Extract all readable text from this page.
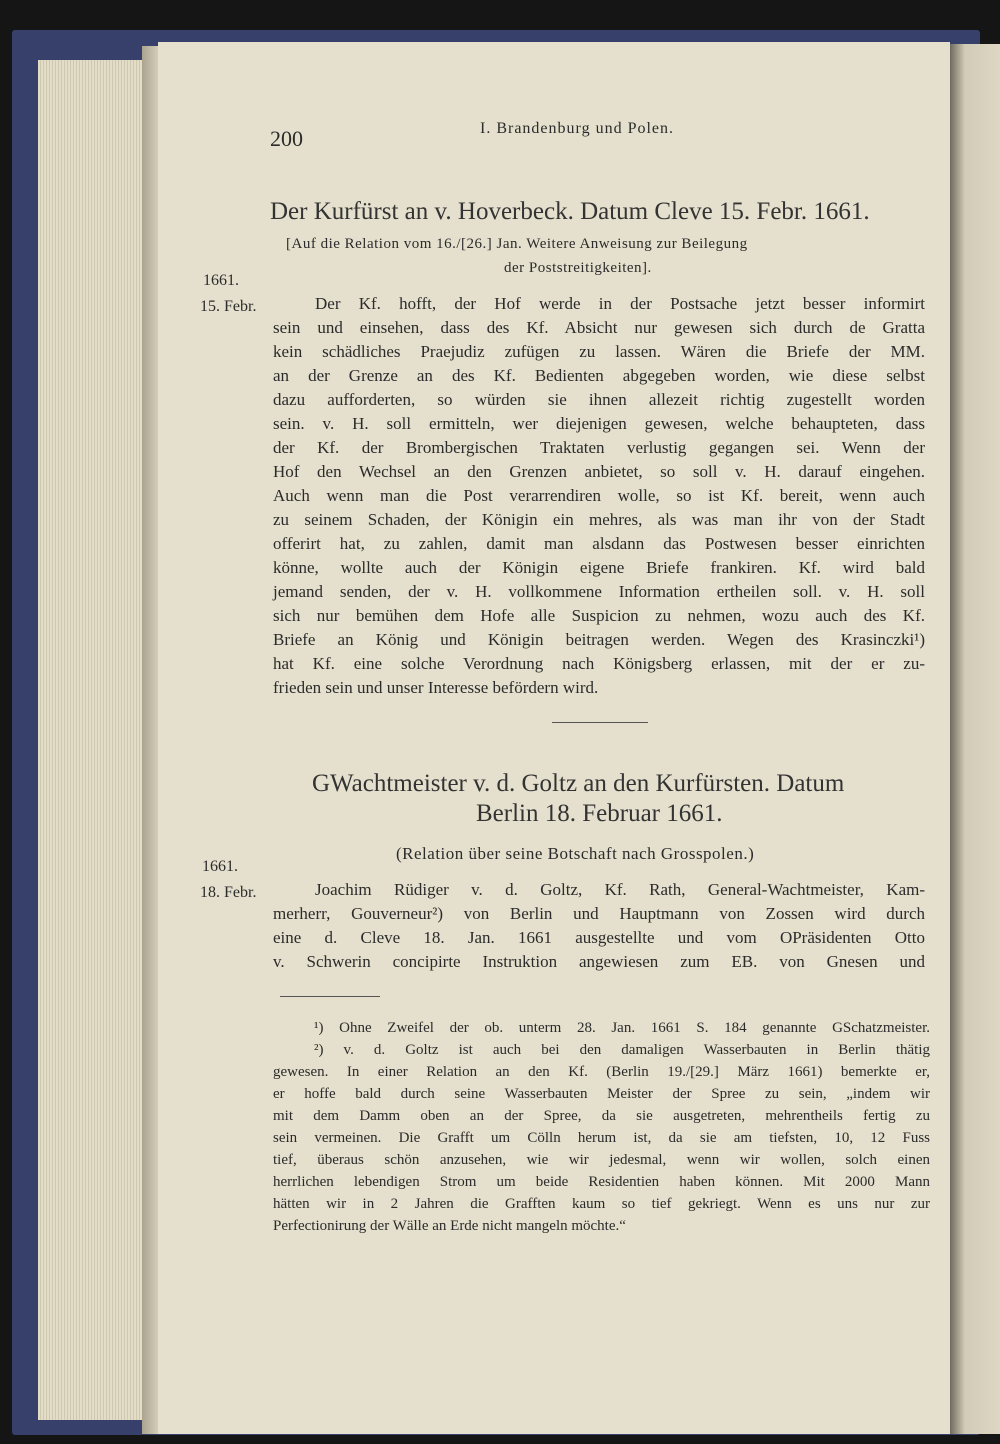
200	I. Brandenburg und Polen.
Der Kurfürst an v. Hoverbeck. Datum Cleve 15. Febr. 1661.
[Auf die Relation vom 16./[26.] Jan. Weitere Anweisung zur Beilegung
der Poststreitigkeiten].
1661.
15. Febr.	Der Kf. hofft, der Hof werde in der Postsache jetzt besser informirt
sein und einsehen, dass des Kf. Absicht nur gewesen sich durch de Gratta
kein schädliches Praejudiz zufügen zu lassen. Wären die Briefe der MM.
an der Grenze an des Kf. Bedienten abgegeben worden, wie diese selbst
dazu aufforderten, so würden sie ihnen allezeit richtig zugestellt worden
sein. v. H. soll ermitteln, wer diejenigen gewesen, welche behaupteten, dass
der Kf. der Brombergischen Traktaten verlustig gegangen sei. Wenn der
Hof den Wechsel an den Grenzen anbietet, so soll v. H. darauf eingehen.
Auch wenn man die Post verarrendiren wolle, so ist Kf. bereit, wenn auch
zu seinem Schaden, der Königin ein mehres, als was man ihr von der Stadt
offerirt hat, zu zahlen, damit man alsdann das Postwesen besser einrichten
könne, wollte auch der Königin eigene Briefe frankiren. Kf. wird bald
jemand senden, der v. H. vollkommene Information ertheilen soll. v. H. soll
sich nur bemühen dem Hofe alle Suspicion zu nehmen, wozu auch des Kf.
Briefe an König und Königin beitragen werden. Wegen des Krasinczki¹)
hat Kf. eine solche Verordnung nach Königsberg erlassen, mit der er zu-
frieden sein und unser Interesse befördern wird.
GWachtmeister v. d. Goltz an den Kurfürsten. Datum
Berlin 18. Februar 1661.
(Relation über seine Botschaft nach Grosspolen.)
1661.
18. Febr.	Joachim Rüdiger v. d. Goltz, Kf. Rath, General-Wachtmeister, Kam-
merherr, Gouverneur²) von Berlin und Hauptmann von Zossen wird durch
eine d. Cleve 18. Jan. 1661 ausgestellte und vom OPräsidenten Otto
v. Schwerin concipirte Instruktion angewiesen zum EB. von Gnesen und
¹) Ohne Zweifel der ob. unterm 28. Jan. 1661 S. 184 genannte GSchatzmeister.
²) v. d. Goltz ist auch bei den damaligen Wasserbauten in Berlin thätig
gewesen. In einer Relation an den Kf. (Berlin 19./[29.] März 1661) bemerkte er,
er hoffe bald durch seine Wasserbauten Meister der Spree zu sein, „indem wir
mit dem Damm oben an der Spree, da sie ausgetreten, mehrentheils fertig zu
sein vermeinen. Die Grafft um Cölln herum ist, da sie am tiefsten, 10, 12 Fuss
tief, überaus schön anzusehen, wie wir jedesmal, wenn wir wollen, solch einen
herrlichen lebendigen Strom um beide Residentien haben können. Mit 2000 Mann
hätten wir in 2 Jahren die Grafften kaum so tief gekriegt. Wenn es uns nur zur
Perfectionirung der Wälle an Erde nicht mangeln möchte.“
